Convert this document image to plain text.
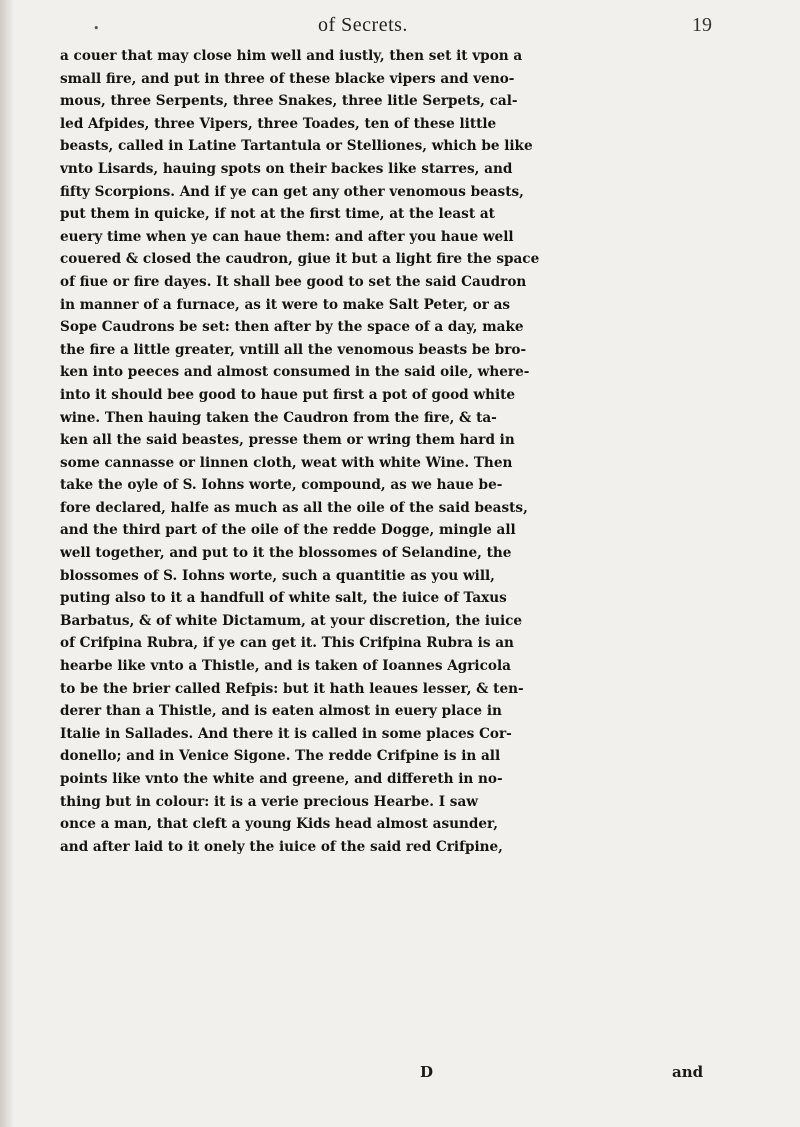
•	of Secrets.	19
a couer that may close him well and iustly, then set it vpon a
small fire, and put in three of these blacke vipers and veno-
mous, three Serpents, three Snakes, three litle Serpets, cal-
led Afpides, three Vipers, three Toades, ten of these little
beasts, called in Latine Tartantula or Stelliones, which be like
vnto Lisards, hauing spots on their backes like starres, and
fifty Scorpions. And if ye can get any other venomous beasts,
put them in quicke, if not at the first time, at the least at
euery time when ye can haue them: and after you haue well
couered & closed the caudron, giue it but a light fire the space
of fiue or fire dayes. It shall bee good to set the said Caudron
in manner of a furnace, as it were to make Salt Peter, or as
Sope Caudrons be set: then after by the space of a day, make
the fire a little greater, vntill all the venomous beasts be bro-
ken into peeces and almost consumed in the said oile, where-
into it should bee good to haue put first a pot of good white
wine. Then hauing taken the Caudron from the fire, & ta-
ken all the said beastes, presse them or wring them hard in
some cannasse or linnen cloth, weat with white Wine. Then
take the oyle of S. Iohns worte, compound, as we haue be-
fore declared, halfe as much as all the oile of the said beasts,
and the third part of the oile of the redde Dogge, mingle all
well together, and put to it the blossomes of Selandine, the
blossomes of S. Iohns worte, such a quantitie as you will,
puting also to it a handfull of white salt, the iuice of Taxus
Barbatus, & of white Dictamum, at your discretion, the iuice
of Crifpina Rubra, if ye can get it. This Crifpina Rubra is an
hearbe like vnto a Thistle, and is taken of Ioannes Agricola
to be the brier called Refpis: but it hath leaues lesser, & ten-
derer than a Thistle, and is eaten almost in euery place in
Italie in Sallades. And there it is called in some places Cor-
donello; and in Venice Sigone. The redde Crifpine is in all
points like vnto the white and greene, and differeth in no-
thing but in colour: it is a verie precious Hearbe. I saw
once a man, that cleft a young Kids head almost asunder,
and after laid to it onely the iuice of the said red Crifpine,
D	and
